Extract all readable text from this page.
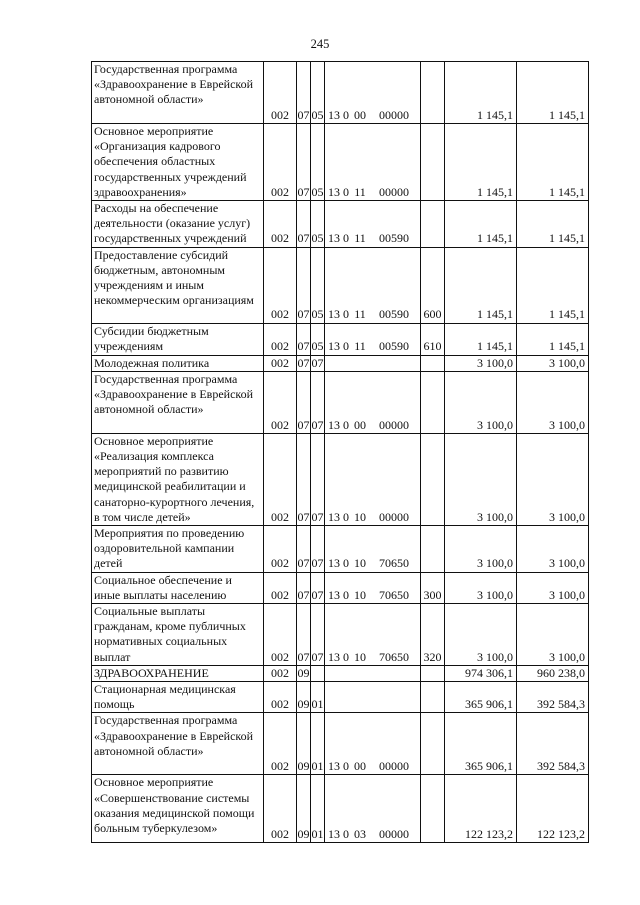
245
Государственная программа «Здравоохранение в Еврейской автономной области»	002	07	05	13 0 00 00000		1 145,1	1 145,1
Основное мероприятие «Организация кадрового обеспечения областных государственных учреждений здравоохранения»	002	07	05	13 0 11 00000		1 145,1	1 145,1
Расходы на обеспечение деятельности (оказание услуг) государственных учреждений	002	07	05	13 0 11 00590		1 145,1	1 145,1
Предоставление субсидий бюджетным, автономным учреждениям и иным некоммерческим организациям	002	07	05	13 0 11 00590	600	1 145,1	1 145,1
Субсидии бюджетным учреждениям	002	07	05	13 0 11 00590	610	1 145,1	1 145,1
Молодежная политика	002	07	07			3 100,0	3 100,0
Государственная программа «Здравоохранение в Еврейской автономной области»	002	07	07	13 0 00 00000		3 100,0	3 100,0
Основное мероприятие «Реализация комплекса мероприятий по развитию медицинской реабилитации и санаторно-курортного лечения, в том числе детей»	002	07	07	13 0 10 00000		3 100,0	3 100,0
Мероприятия по проведению оздоровительной кампании детей	002	07	07	13 0 10 70650		3 100,0	3 100,0
Социальное обеспечение и иные выплаты населению	002	07	07	13 0 10 70650	300	3 100,0	3 100,0
Социальные выплаты гражданам, кроме публичных нормативных социальных выплат	002	07	07	13 0 10 70650	320	3 100,0	3 100,0
ЗДРАВООХРАНЕНИЕ	002	09				974 306,1	960 238,0
Стационарная медицинская помощь	002	09	01			365 906,1	392 584,3
Государственная программа «Здравоохранение в Еврейской автономной области»	002	09	01	13 0 00 00000		365 906,1	392 584,3
Основное мероприятие «Совершенствование системы оказания медицинской помощи больным туберкулезом»	002	09	01	13 0 03 00000		122 123,2	122 123,2
